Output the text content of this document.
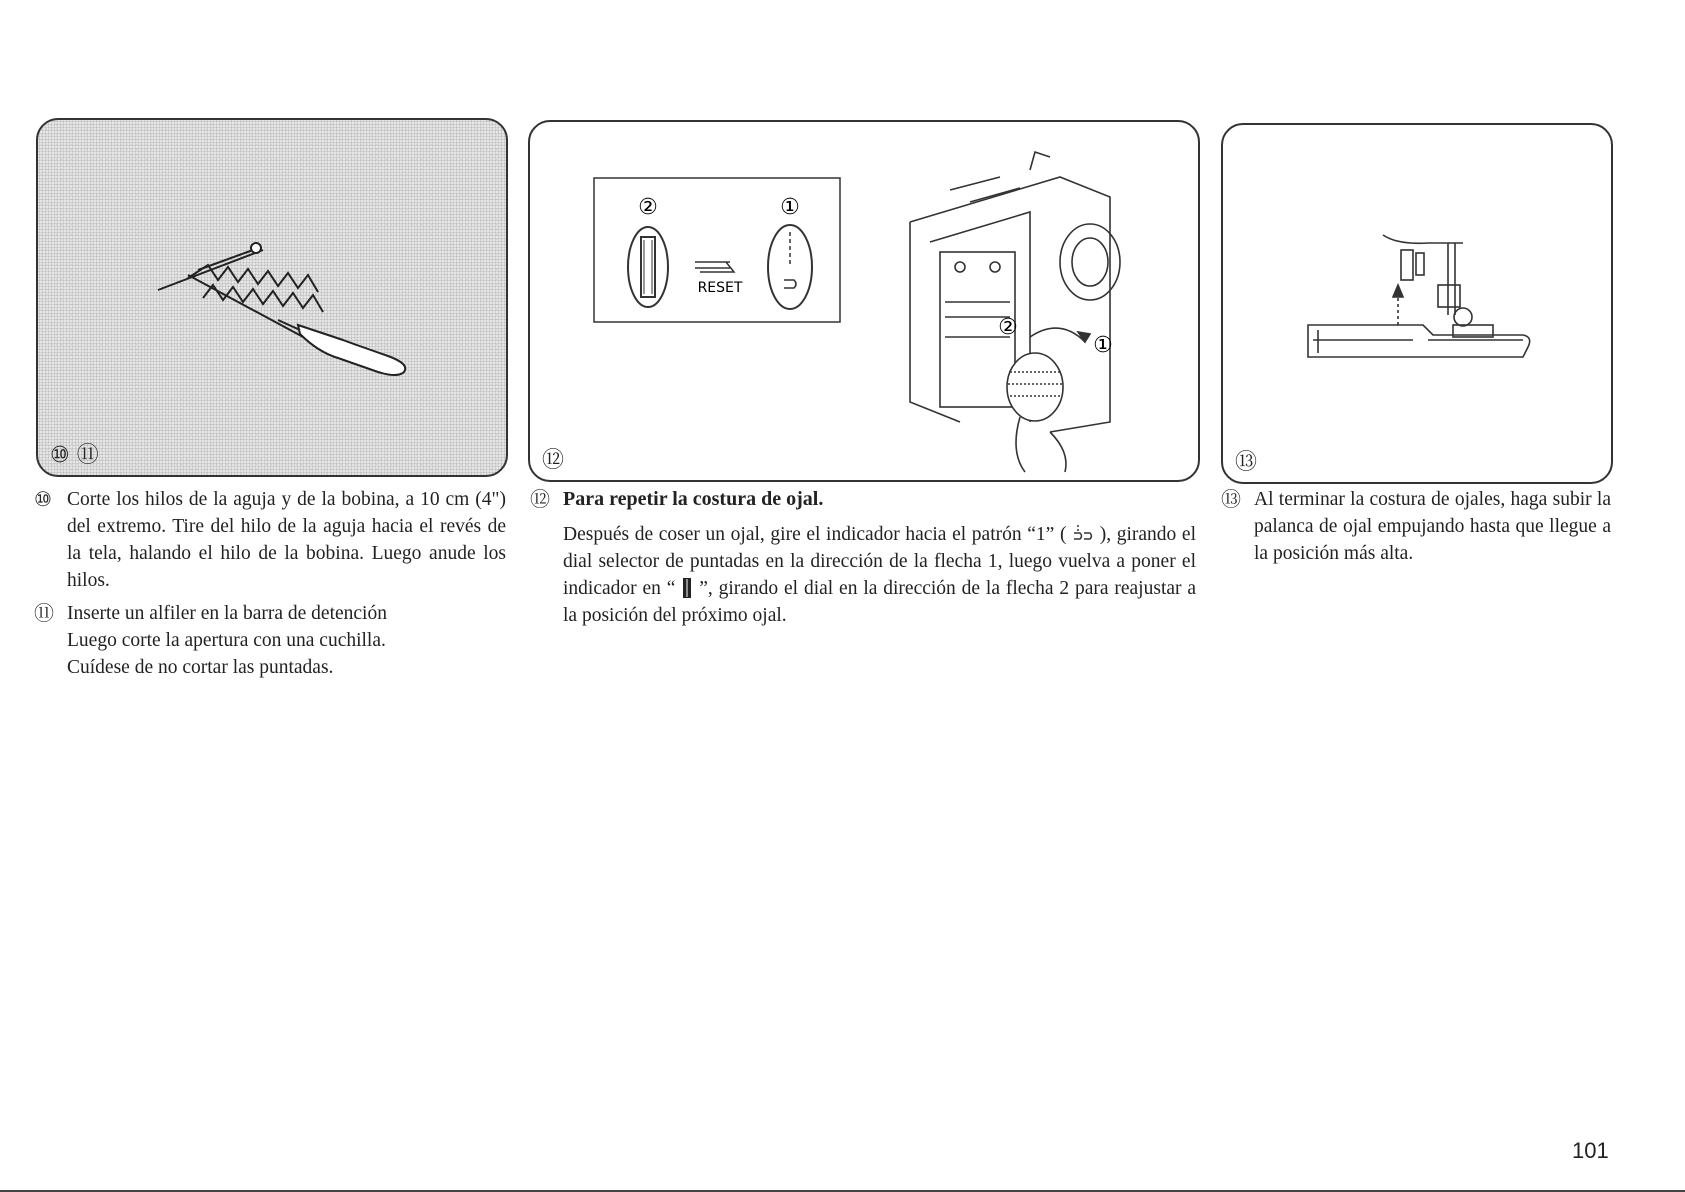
⑩ ⑪
②	①
RESET
②
①
⑫	⑬

⑩ Corte los hilos de la aguja y de la bobina, a 10 cm (4") del extremo. Tire del hilo de la aguja hacia el revés de la tela, halando el hilo de la bobina. Luego anude los hilos.

⑪ Inserte un alfiler en la barra de detención
Luego corte la apertura con una cuchilla.
Cuídese de no cortar las puntadas.
⑫ Para repetir la costura de ojal.

Después de coser un ojal, gire el indicador hacia el patrón “1” ( ), girando el dial selector de puntadas en la dirección de la flecha 1, luego vuelva a poner el indicador en “ ”, girando el dial en la dirección de la flecha 2 para reajustar a la posición del próximo ojal.

⑬ Al terminar la costura de ojales, haga subir la palanca de ojal empujando hasta que llegue a la posición más alta.

101
